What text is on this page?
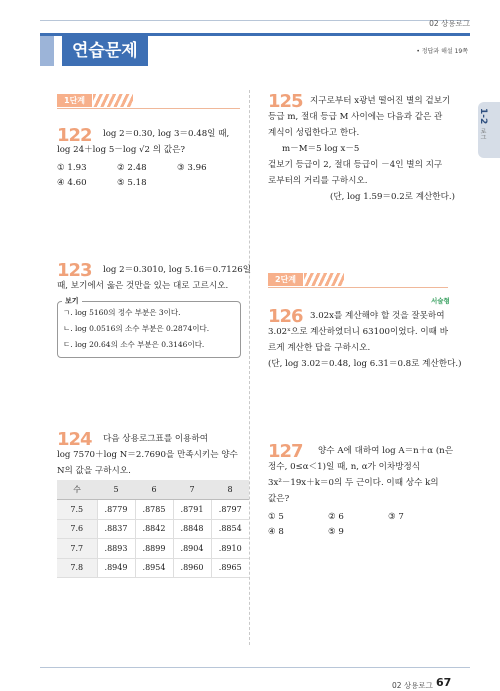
02 상용로그
연습문제	• 정답과 해설 19쪽
1-2
로그
1단계
122 log 2＝0.30, log 3＝0.48일 때,
log 24＋log 5－log √2 의 값은?
① 1.93	② 2.48	③ 3.96
④ 4.60	⑤ 5.18
123 log 2＝0.3010, log 5.16＝0.7126일
때, 보기에서 옳은 것만을 있는 대로 고르시오.
보기
ㄱ. log 5160의 정수 부분은 3이다.
ㄴ. log 0.0516의 소수 부분은 0.2874이다.
ㄷ. log 20.64의 소수 부분은 0.3146이다.
124 다음 상용로그표를 이용하여
log 7570＋log N＝2.7690을 만족시키는 양수
N의 값을 구하시오.
수	5	6	7	8
7.5	.8779	.8785	.8791	.8797
7.6	.8837	.8842	.8848	.8854
7.7	.8893	.8899	.8904	.8910
7.8	.8949	.8954	.8960	.8965
125 지구로부터 x광년 떨어진 별의 겉보기
등급 m, 절대 등급 M 사이에는 다음과 같은 관
계식이 성립한다고 한다.
m－M＝5 log x－5
겉보기 등급이 2, 절대 등급이 －4인 별의 지구
로부터의 거리를 구하시오.
(단, log 1.59＝0.2로 계산한다.)
2단계
서술형
126 3.02x를 계산해야 할 것을 잘못하여
3.02ˣ으로 계산하였더니 63100이었다. 이때 바
르게 계산한 답을 구하시오.
(단, log 3.02＝0.48, log 6.31＝0.8로 계산한다.)
127 양수 A에 대하여 log A＝n＋α (n은
정수, 0≤α＜1)일 때, n, α가 이차방정식
3x²－19x＋k＝0의 두 근이다. 이때 상수 k의
값은?
① 5	② 6	③ 7
④ 8	⑤ 9
02 상용로그 67
